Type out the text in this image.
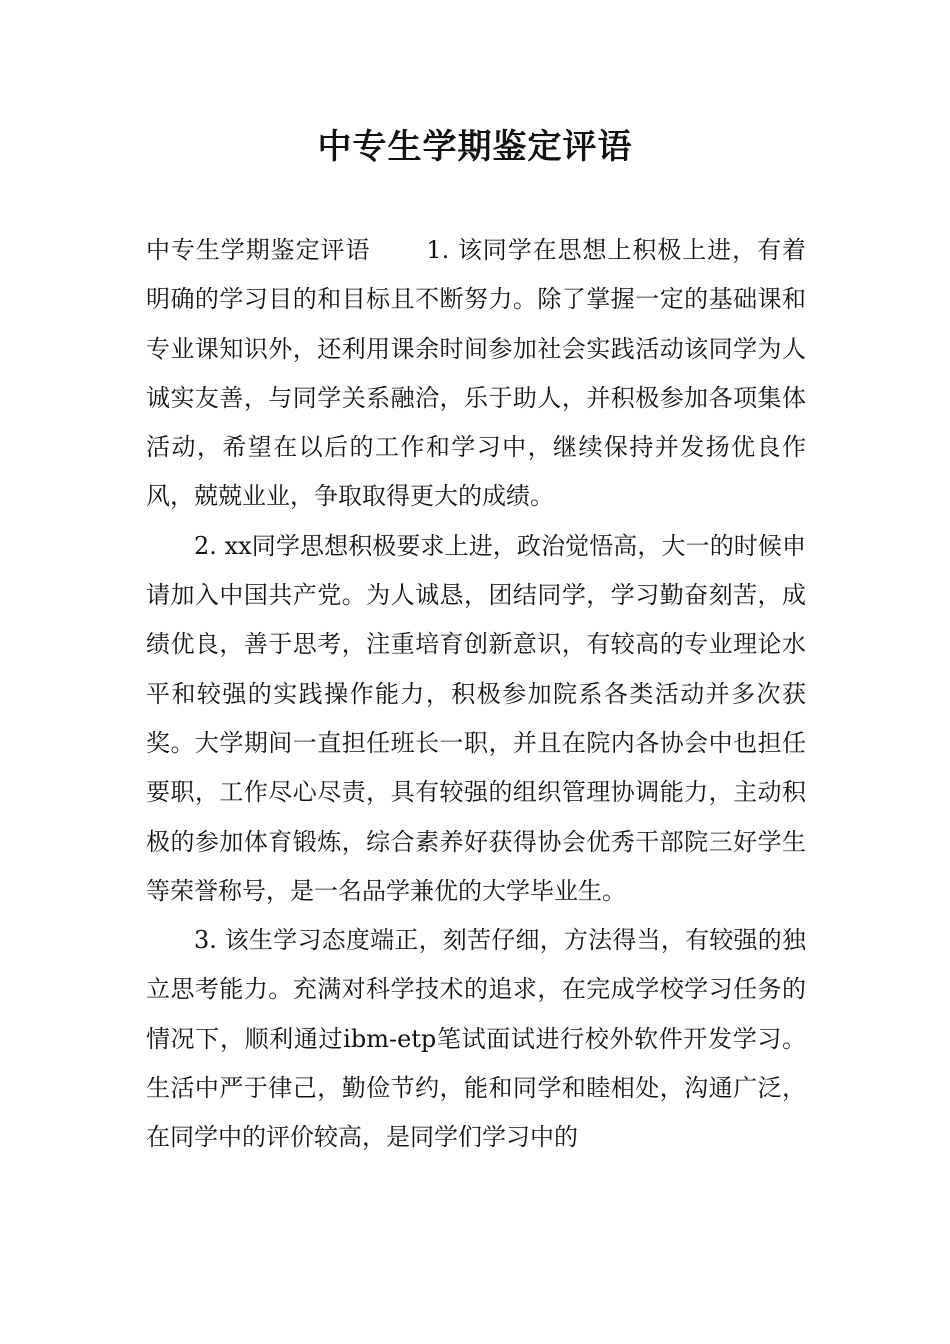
中专生学期鉴定评语

中专生学期鉴定评语 1. 该同学在思想上积极上进，有着明确的学习目的和目标且不断努力。除了掌握一定的基础课和专业课知识外，还利用课余时间参加社会实践活动该同学为人诚实友善，与同学关系融洽，乐于助人，并积极参加各项集体活动，希望在以后的工作和学习中，继续保持并发扬优良作风，兢兢业业，争取取得更大的成绩。

2. xx同学思想积极要求上进，政治觉悟高，大一的时候申请加入中国共产党。为人诚恳，团结同学，学习勤奋刻苦，成绩优良，善于思考，注重培育创新意识，有较高的专业理论水平和较强的实践操作能力，积极参加院系各类活动并多次获奖。大学期间一直担任班长一职，并且在院内各协会中也担任要职，工作尽心尽责，具有较强的组织管理协调能力，主动积极的参加体育锻炼，综合素养好获得协会优秀干部院三好学生等荣誉称号，是一名品学兼优的大学毕业生。

3. 该生学习态度端正，刻苦仔细，方法得当，有较强的独立思考能力。充满对科学技术的追求，在完成学校学习任务的情况下，顺利通过ibm-etp笔试面试进行校外软件开发学习。生活中严于律己，勤俭节约，能和同学和睦相处，沟通广泛，在同学中的评价较高，是同学们学习中的
